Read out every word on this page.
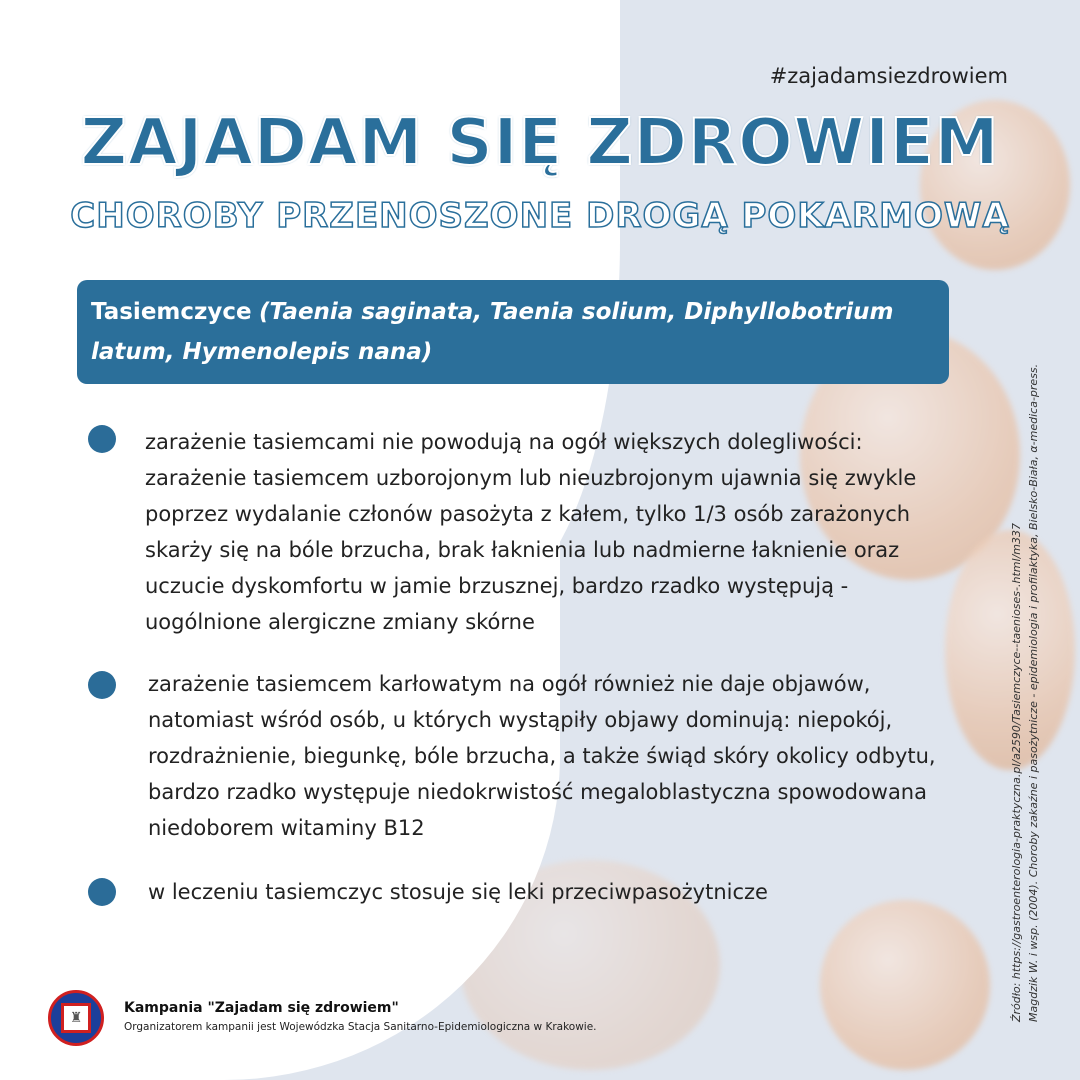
#zajadamsiezdrowiem
ZAJADAM SIĘ ZDROWIEM
CHOROBY PRZENOSZONE DROGĄ POKARMOWĄ
Tasiemczyce (Taenia saginata, Taenia solium, Diphyllobotrium latum, Hymenolepis nana)
zarażenie tasiemcami nie powodują na ogół większych dolegliwości: zarażenie tasiemcem uzborojonym lub nieuzbrojonym ujawnia się zwykle poprzez wydalanie członów pasożyta z kałem, tylko 1/3 osób zarażonych skarży się na bóle brzucha, brak łaknienia lub nadmierne łaknienie oraz uczucie dyskomfortu w jamie brzusznej, bardzo rzadko występują - uogólnione alergiczne zmiany skórne
zarażenie tasiemcem karłowatym na ogół również nie daje objawów, natomiast wśród osób, u których wystąpiły objawy dominują: niepokój, rozdrażnienie, biegunkę, bóle brzucha, a także świąd skóry okolicy odbytu, bardzo rzadko występuje niedokrwistość megaloblastyczna spowodowana niedoborem witaminy B12
w leczeniu tasiemczyc stosuje się leki przeciwpasożytnicze	Źródło: https://gastroenterologia-praktyczna.pl/a2590/Tasiemczyce--taenioses-.html/m337 Magdzik W. i wsp. (2004). Choroby zakaźne i pasożytnicze - epidemiologia i profilaktyka, Bielsko-Biała, α-medica-press.
♜
Kampania "Zajadam się zdrowiem"
Organizatorem kampanii jest Wojewódzka Stacja Sanitarno-Epidemiologiczna w Krakowie.
